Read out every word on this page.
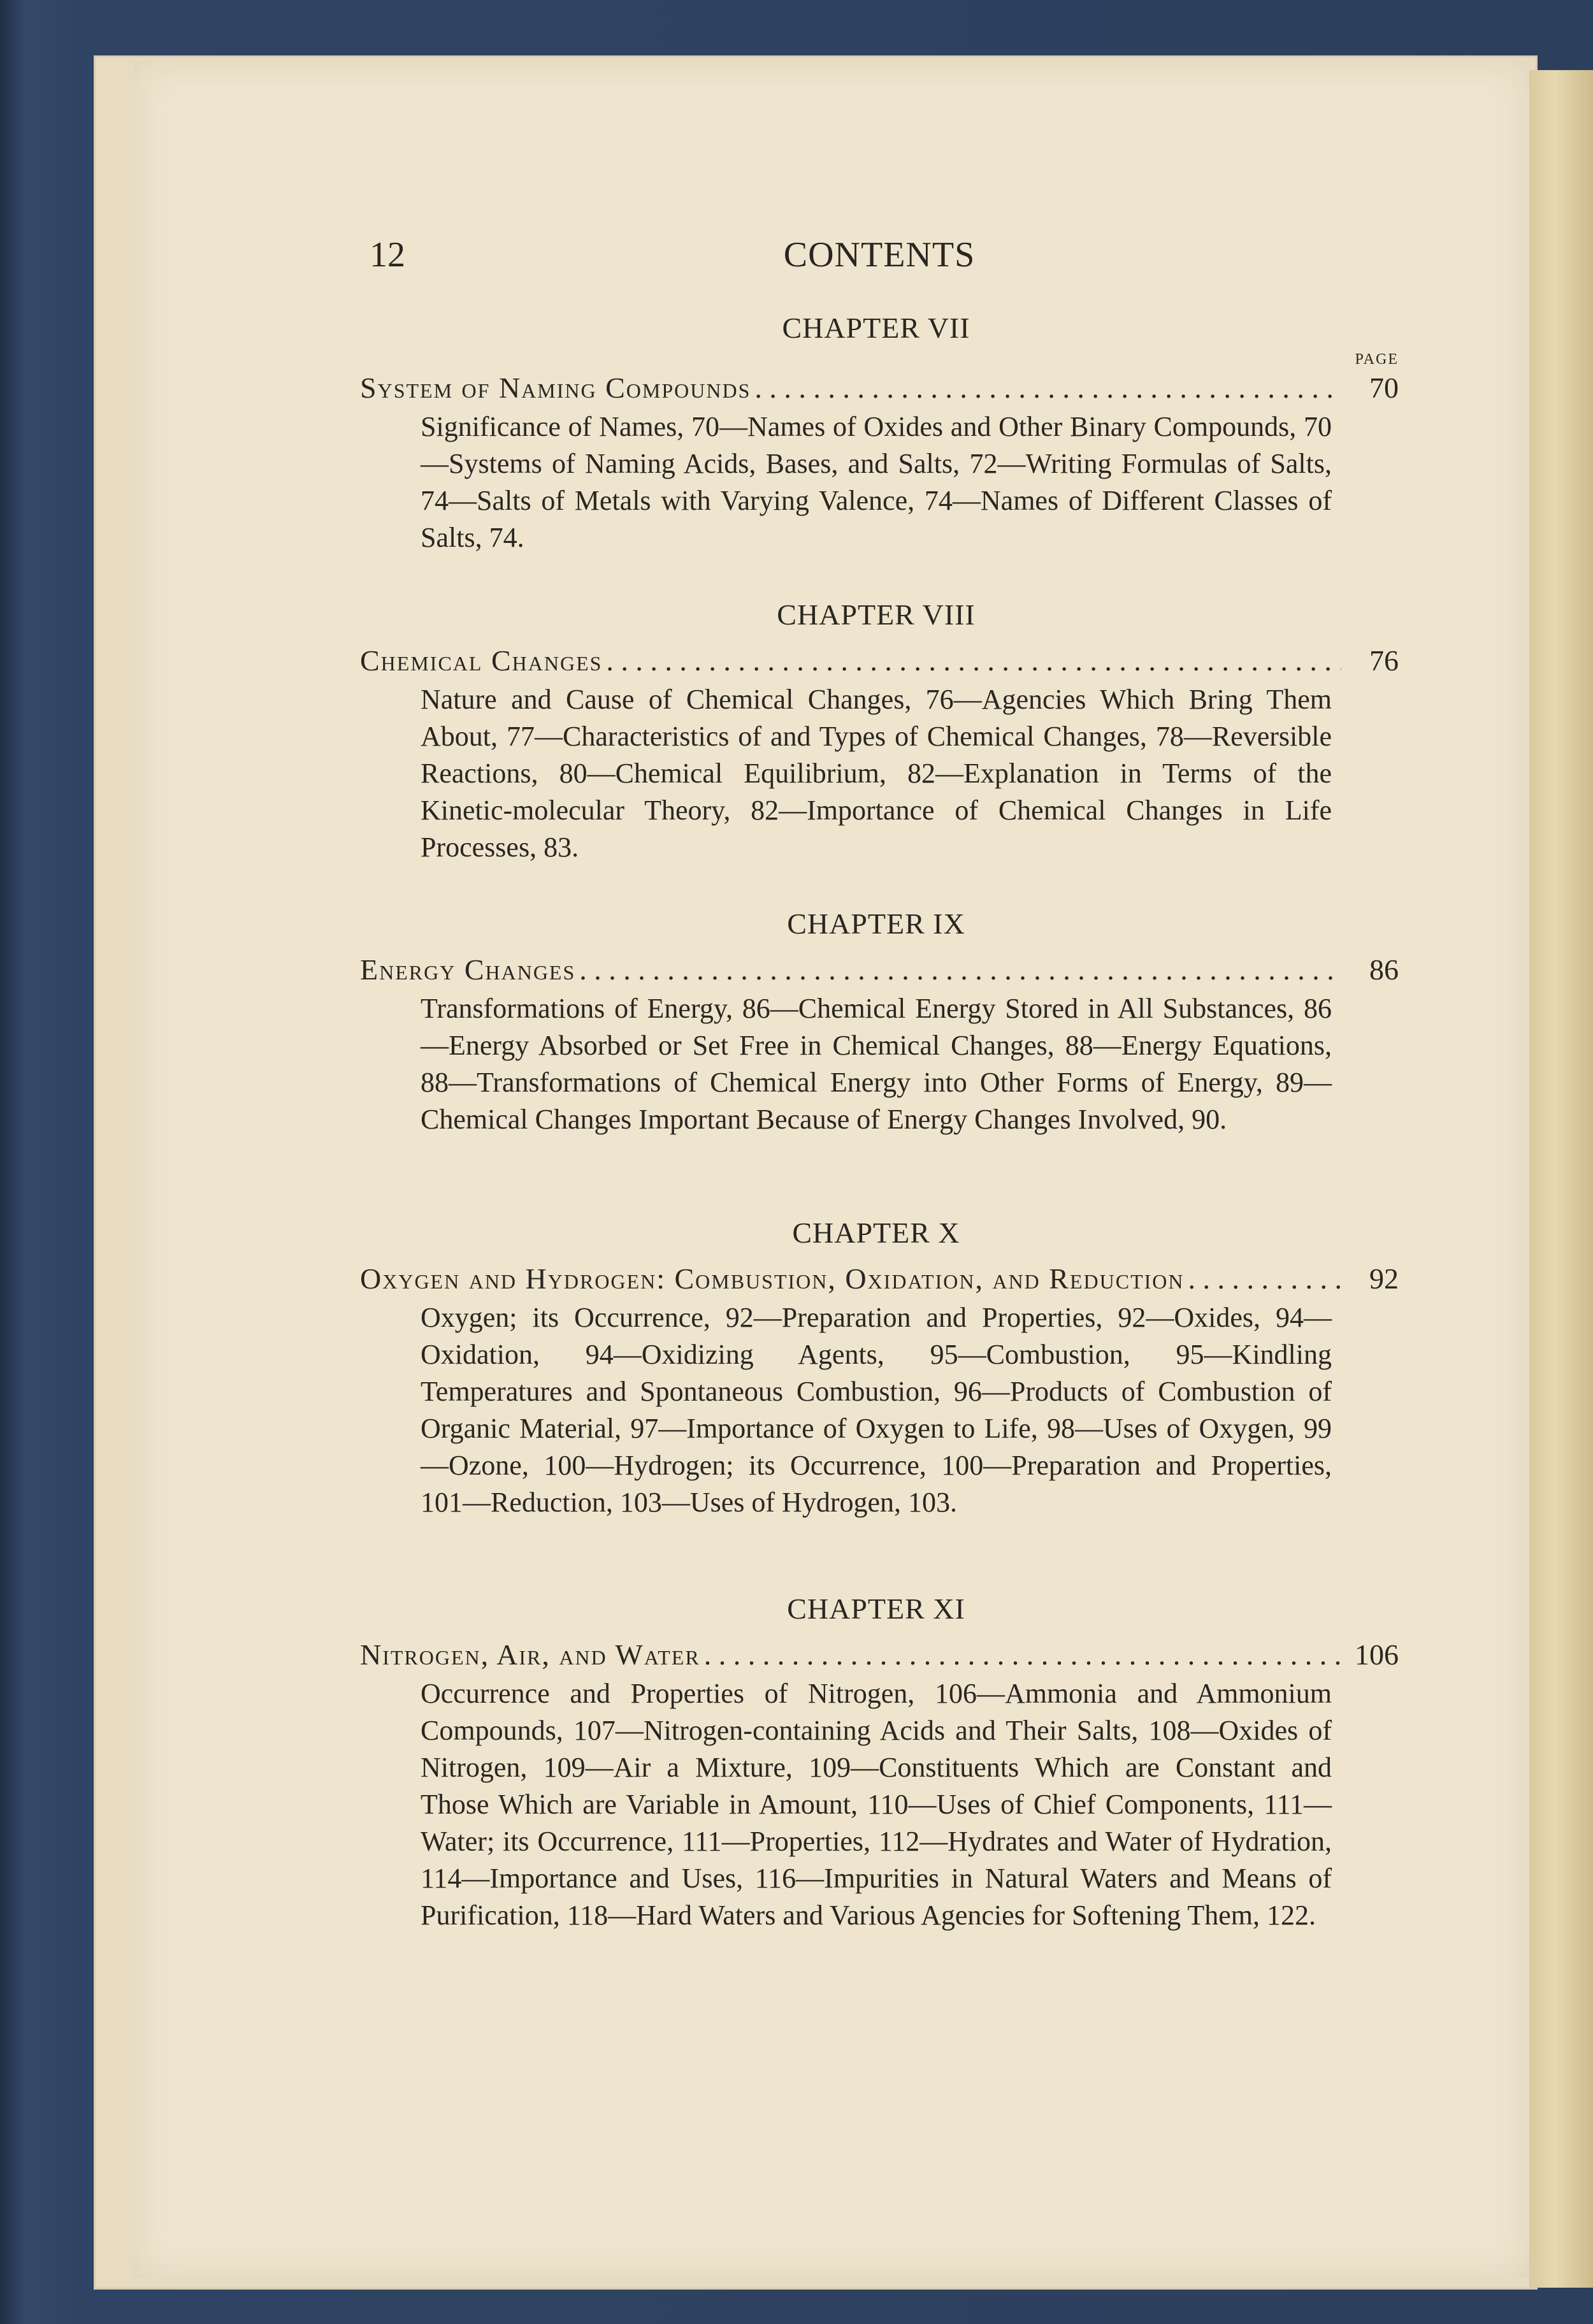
12	CONTENTS
CHAPTER VII
PAGE
System of Naming Compounds . . .	70
Significance of Names, 70—Names of Oxides and Other Binary Compounds, 70—Systems of Naming Acids, Bases, and Salts, 72—Writing Formulas of Salts, 74—Salts of Metals with Varying Valence, 74—Names of Different Classes of Salts, 74.
CHAPTER VIII
Chemical Changes . . .	76
Nature and Cause of Chemical Changes, 76—Agencies Which Bring Them About, 77—Characteristics of and Types of Chemical Changes, 78—Reversible Reactions, 80—Chemical Equilibrium, 82—Explanation in Terms of the Kinetic-molecular Theory, 82—Importance of Chemical Changes in Life Processes, 83.
CHAPTER IX
Energy Changes . . .	86
Transformations of Energy, 86—Chemical Energy Stored in All Substances, 86—Energy Absorbed or Set Free in Chemical Changes, 88—Energy Equations, 88—Transformations of Chemical Energy into Other Forms of Energy, 89—Chemical Changes Important Because of Energy Changes Involved, 90.
CHAPTER X
Oxygen and Hydrogen: Combustion, Oxidation, and Reduction . . .	92
Oxygen; its Occurrence, 92—Preparation and Properties, 92—Oxides, 94—Oxidation, 94—Oxidizing Agents, 95—Combustion, 95—Kindling Temperatures and Spontaneous Combustion, 96—Products of Combustion of Organic Material, 97—Importance of Oxygen to Life, 98—Uses of Oxygen, 99—Ozone, 100—Hydrogen; its Occurrence, 100—Preparation and Properties, 101—Reduction, 103—Uses of Hydrogen, 103.
CHAPTER XI
Nitrogen, Air, and Water . . .	106
Occurrence and Properties of Nitrogen, 106—Ammonia and Ammonium Compounds, 107—Nitrogen-containing Acids and Their Salts, 108—Oxides of Nitrogen, 109—Air a Mixture, 109—Constituents Which are Constant and Those Which are Variable in Amount, 110—Uses of Chief Components, 111—Water; its Occurrence, 111—Properties, 112—Hydrates and Water of Hydration, 114—Importance and Uses, 116—Impurities in Natural Waters and Means of Purification, 118—Hard Waters and Various Agencies for Softening Them, 122.
